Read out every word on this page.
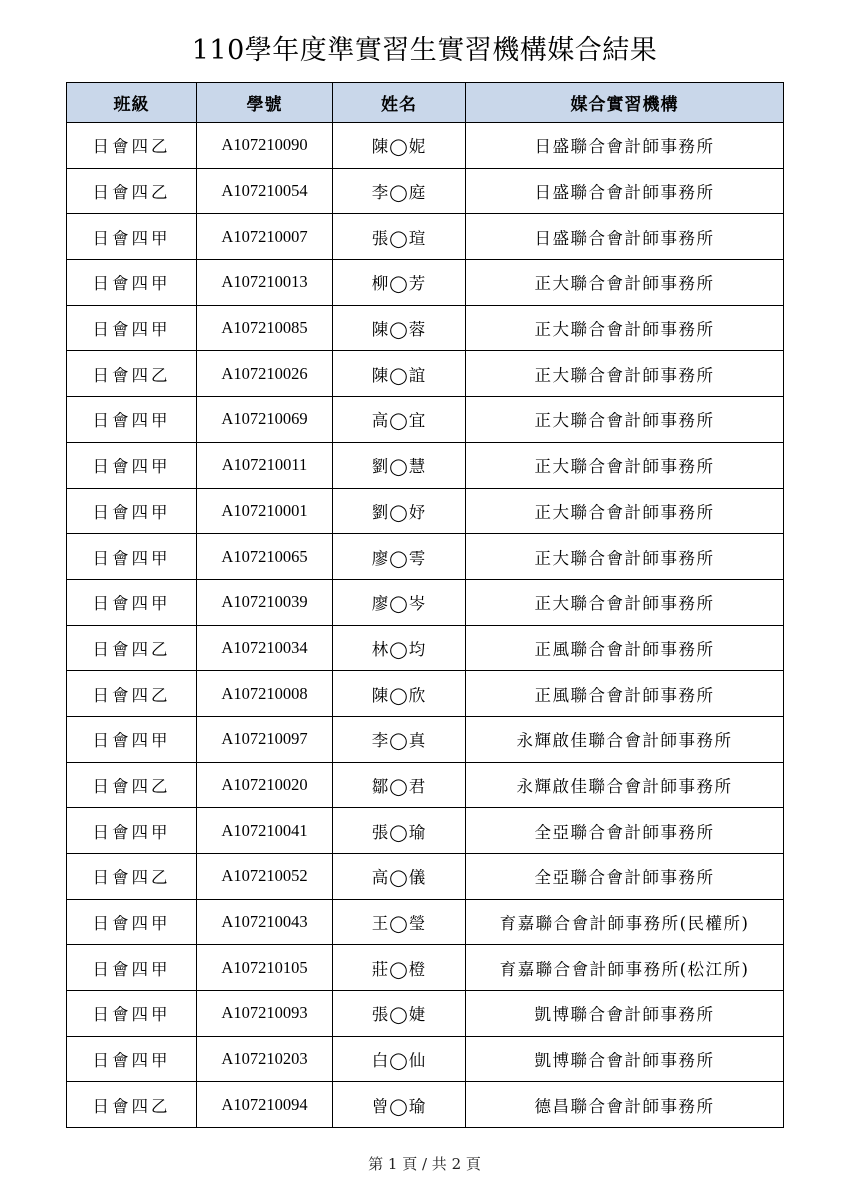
110學年度準實習生實習機構媒合結果
班級	學號	姓名	媒合實習機構
日會四乙	A107210090	陳◯妮	日盛聯合會計師事務所
日會四乙	A107210054	李◯庭	日盛聯合會計師事務所
日會四甲	A107210007	張◯瑄	日盛聯合會計師事務所
日會四甲	A107210013	柳◯芳	正大聯合會計師事務所
日會四甲	A107210085	陳◯蓉	正大聯合會計師事務所
日會四乙	A107210026	陳◯誼	正大聯合會計師事務所
日會四甲	A107210069	高◯宜	正大聯合會計師事務所
日會四甲	A107210011	劉◯慧	正大聯合會計師事務所
日會四甲	A107210001	劉◯妤	正大聯合會計師事務所
日會四甲	A107210065	廖◯雩	正大聯合會計師事務所
日會四甲	A107210039	廖◯岑	正大聯合會計師事務所
日會四乙	A107210034	林◯均	正風聯合會計師事務所
日會四乙	A107210008	陳◯欣	正風聯合會計師事務所
日會四甲	A107210097	李◯真	永輝啟佳聯合會計師事務所
日會四乙	A107210020	鄒◯君	永輝啟佳聯合會計師事務所
日會四甲	A107210041	張◯瑜	全亞聯合會計師事務所
日會四乙	A107210052	高◯儀	全亞聯合會計師事務所
日會四甲	A107210043	王◯瑩	育嘉聯合會計師事務所(民權所)
日會四甲	A107210105	莊◯橙	育嘉聯合會計師事務所(松江所)
日會四甲	A107210093	張◯婕	凱博聯合會計師事務所
日會四甲	A107210203	白◯仙	凱博聯合會計師事務所
日會四乙	A107210094	曾◯瑜	德昌聯合會計師事務所
第 1 頁 / 共 2 頁
